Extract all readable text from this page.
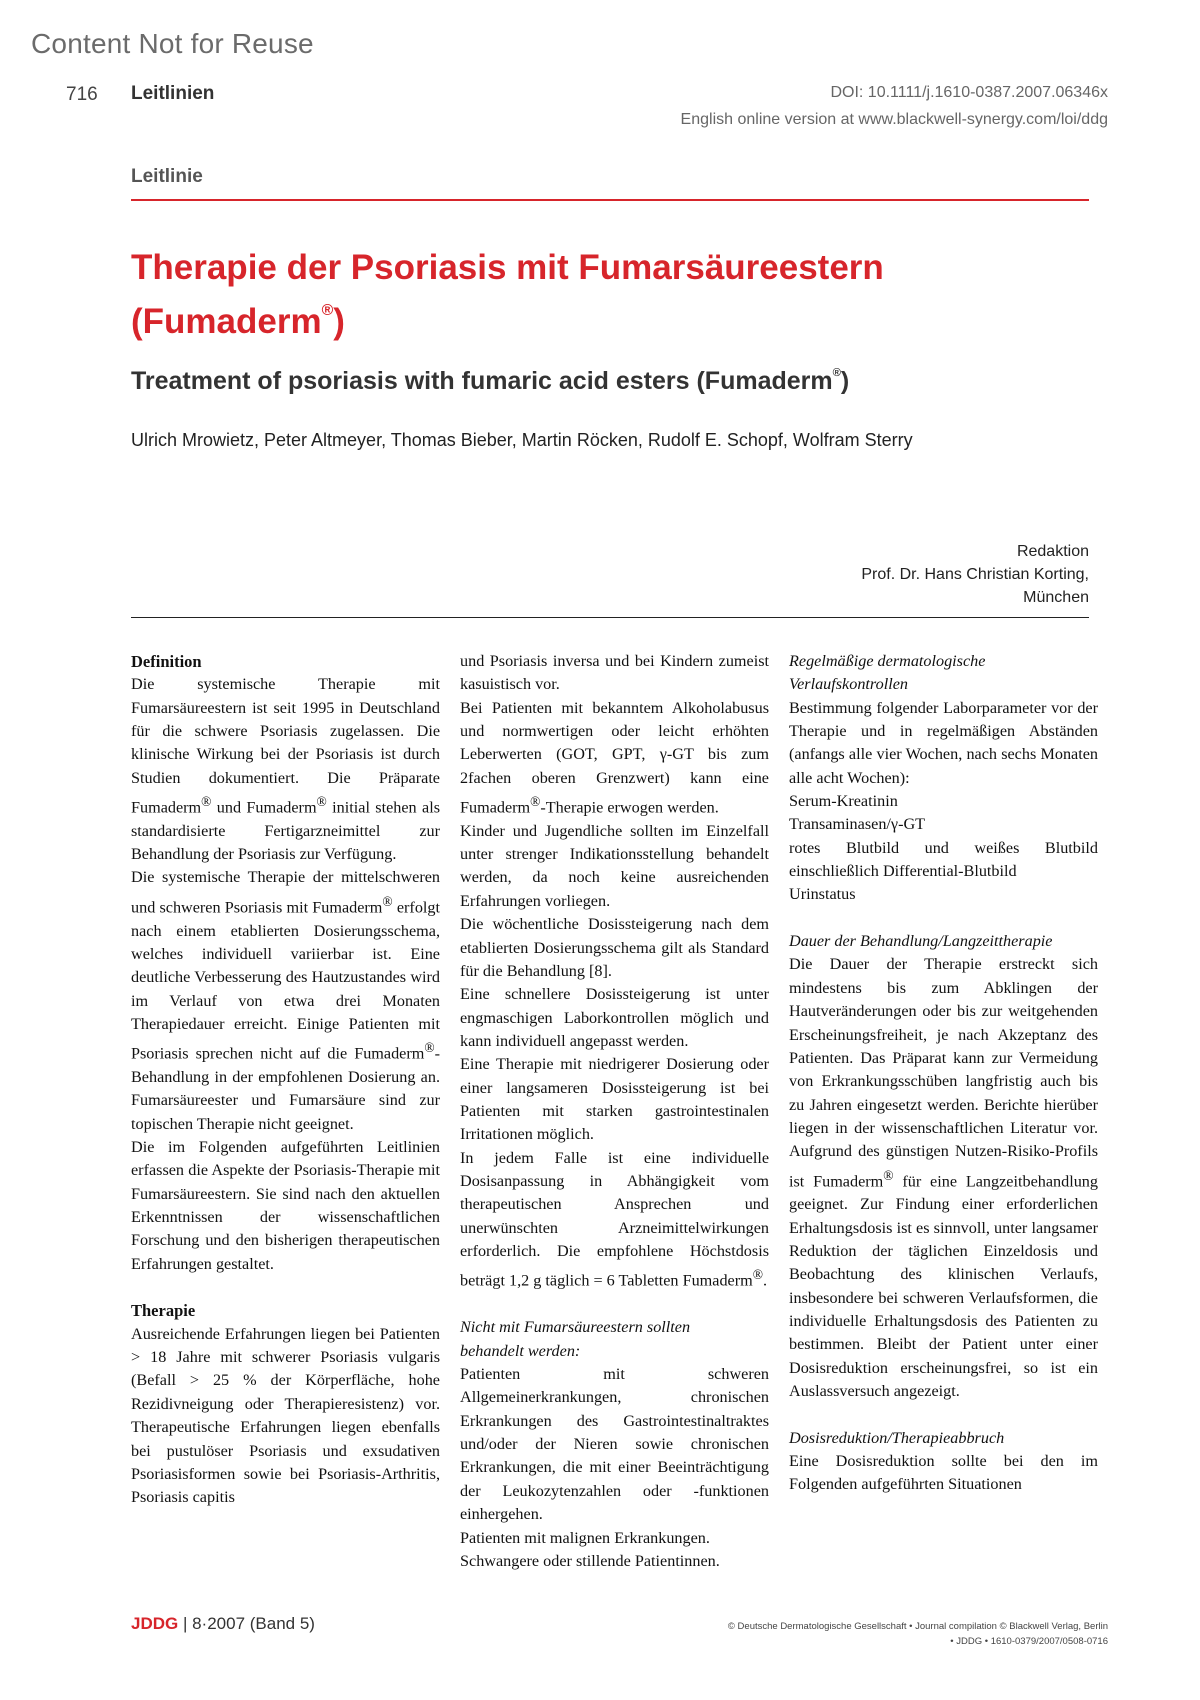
Content Not for Reuse
716 Leitlinien	DOI: 10.1111/j.1610-0387.2007.06346x
English online version at www.blackwell-synergy.com/loi/ddg
Leitlinie
Therapie der Psoriasis mit Fumarsäureestern
(Fumaderm®)
Treatment of psoriasis with fumaric acid esters (Fumaderm®)
Ulrich Mrowietz, Peter Altmeyer, Thomas Bieber, Martin Röcken, Rudolf E. Schopf, Wolfram Sterry
Redaktion
Prof. Dr. Hans Christian Korting,
München
Definition

Die systemische Therapie mit Fumarsäureestern ist seit 1995 in Deutschland für die schwere Psoriasis zugelassen. Die klinische Wirkung bei der Psoriasis ist durch Studien dokumentiert. Die Präparate Fumaderm® und Fumaderm® initial stehen als standardisierte Fertigarzneimittel zur Behandlung der Psoriasis zur Verfügung.

Die systemische Therapie der mittelschweren und schweren Psoriasis mit Fumaderm® erfolgt nach einem etablierten Dosierungsschema, welches individuell variierbar ist. Eine deutliche Verbesserung des Hautzustandes wird im Verlauf von etwa drei Monaten Therapiedauer erreicht. Einige Patienten mit Psoriasis sprechen nicht auf die Fumaderm®-Behandlung in der empfohlenen Dosierung an. Fumarsäureester und Fumarsäure sind zur topischen Therapie nicht geeignet.

Die im Folgenden aufgeführten Leitlinien erfassen die Aspekte der Psoriasis-Therapie mit Fumarsäureestern. Sie sind nach den aktuellen Erkenntnissen der wissenschaftlichen Forschung und den bisherigen therapeutischen Erfahrungen gestaltet.

Therapie

Ausreichende Erfahrungen liegen bei Patienten > 18 Jahre mit schwerer Psoriasis vulgaris (Befall > 25 % der Körperfläche, hohe Rezidivneigung oder Therapieresistenz) vor. Therapeutische Erfahrungen liegen ebenfalls bei pustulöser Psoriasis und exsudativen Psoriasisformen sowie bei Psoriasis-Arthritis, Psoriasis capitis

und Psoriasis inversa und bei Kindern zumeist kasuistisch vor.

Bei Patienten mit bekanntem Alkoholabusus und normwertigen oder leicht erhöhten Leberwerten (GOT, GPT, γ-GT bis zum 2fachen oberen Grenzwert) kann eine Fumaderm®-Therapie erwogen werden.

Kinder und Jugendliche sollten im Einzelfall unter strenger Indikationsstellung behandelt werden, da noch keine ausreichenden Erfahrungen vorliegen.

Die wöchentliche Dosissteigerung nach dem etablierten Dosierungsschema gilt als Standard für die Behandlung [8].

Eine schnellere Dosissteigerung ist unter engmaschigen Laborkontrollen möglich und kann individuell angepasst werden.

Eine Therapie mit niedrigerer Dosierung oder einer langsameren Dosissteigerung ist bei Patienten mit starken gastrointestinalen Irritationen möglich.

In jedem Falle ist eine individuelle Dosisanpassung in Abhängigkeit vom therapeutischen Ansprechen und unerwünschten Arzneimittelwirkungen erforderlich. Die empfohlene Höchstdosis beträgt 1,2 g täglich = 6 Tabletten Fumaderm®.

Nicht mit Fumarsäureestern sollten
behandelt werden:

Patienten mit schweren Allgemeinerkrankungen, chronischen Erkrankungen des Gastrointestinaltraktes und/oder der Nieren sowie chronischen Erkrankungen, die mit einer Beeinträchtigung der Leukozytenzahlen oder -funktionen einhergehen.

Patienten mit malignen Erkrankungen.

Schwangere oder stillende Patientinnen.

Regelmäßige dermatologische
Verlaufskontrollen

Bestimmung folgender Laborparameter vor der Therapie und in regelmäßigen Abständen (anfangs alle vier Wochen, nach sechs Monaten alle acht Wochen):

Serum-Kreatinin

Transaminasen/γ-GT

rotes Blutbild und weißes Blutbild einschließlich Differential-Blutbild

Urinstatus

Dauer der Behandlung/Langzeittherapie

Die Dauer der Therapie erstreckt sich mindestens bis zum Abklingen der Hautveränderungen oder bis zur weitgehenden Erscheinungsfreiheit, je nach Akzeptanz des Patienten. Das Präparat kann zur Vermeidung von Erkrankungsschüben langfristig auch bis zu Jahren eingesetzt werden. Berichte hierüber liegen in der wissenschaftlichen Literatur vor. Aufgrund des günstigen Nutzen-Risiko-Profils ist Fumaderm® für eine Langzeitbehandlung geeignet. Zur Findung einer erforderlichen Erhaltungsdosis ist es sinnvoll, unter langsamer Reduktion der täglichen Einzeldosis und Beobachtung des klinischen Verlaufs, insbesondere bei schweren Verlaufsformen, die individuelle Erhaltungsdosis des Patienten zu bestimmen. Bleibt der Patient unter einer Dosisreduktion erscheinungsfrei, so ist ein Auslassversuch angezeigt.

Dosisreduktion/Therapieabbruch

Eine Dosisreduktion sollte bei den im Folgenden aufgeführten Situationen

JDDG | 8·2007 (Band 5)	© Deutsche Dermatologische Gesellschaft • Journal compilation © Blackwell Verlag, Berlin
• JDDG • 1610-0379/2007/0508-0716
